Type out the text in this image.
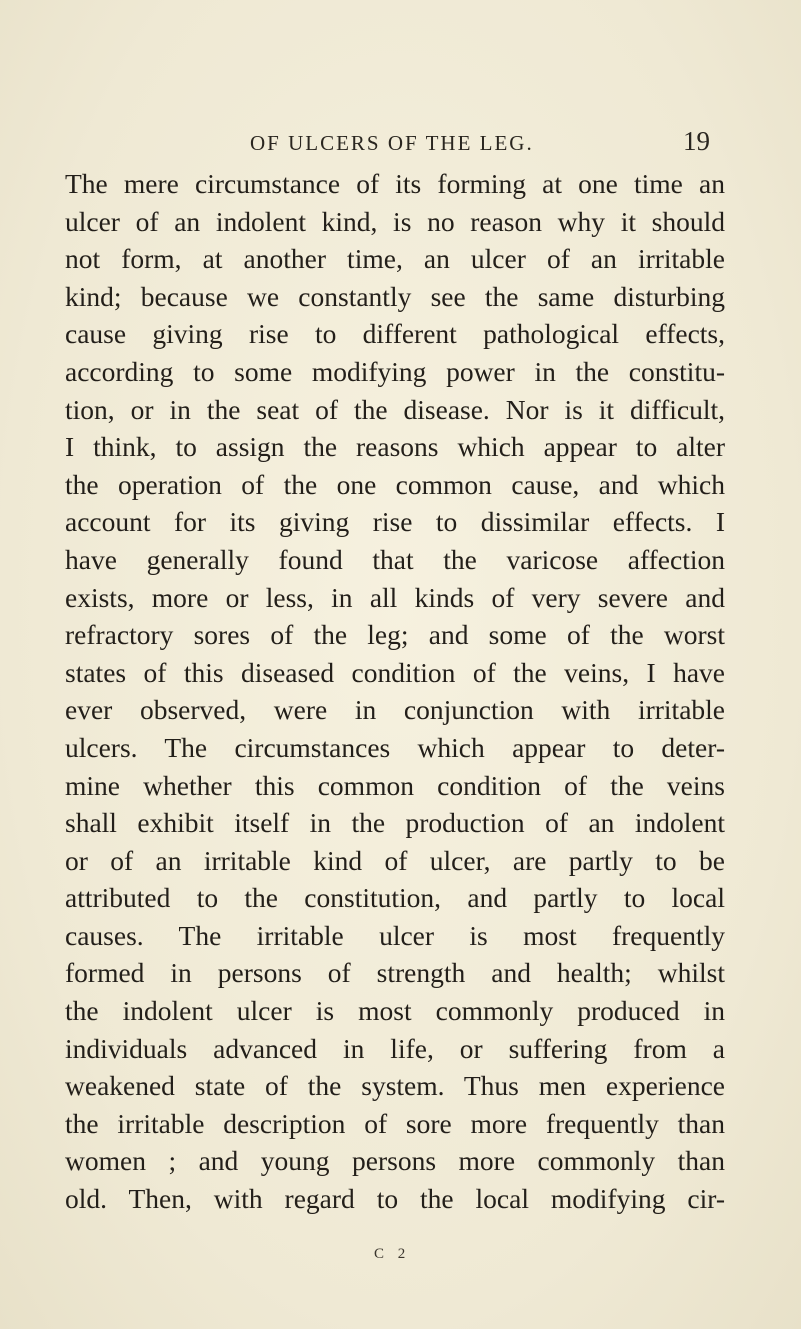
OF ULCERS OF THE LEG.	19
The mere circumstance of its forming at one time an
ulcer of an indolent kind, is no reason why it should
not form, at another time, an ulcer of an irritable
kind; because we constantly see the same disturbing
cause giving rise to different pathological effects,
according to some modifying power in the constitu-
tion, or in the seat of the disease. Nor is it difficult,
I think, to assign the reasons which appear to alter
the operation of the one common cause, and which
account for its giving rise to dissimilar effects. I
have generally found that the varicose affection
exists, more or less, in all kinds of very severe and
refractory sores of the leg; and some of the worst
states of this diseased condition of the veins, I have
ever observed, were in conjunction with irritable
ulcers. The circumstances which appear to deter-
mine whether this common condition of the veins
shall exhibit itself in the production of an indolent
or of an irritable kind of ulcer, are partly to be
attributed to the constitution, and partly to local
causes. The irritable ulcer is most frequently
formed in persons of strength and health; whilst
the indolent ulcer is most commonly produced in
individuals advanced in life, or suffering from a
weakened state of the system. Thus men experience
the irritable description of sore more frequently than
women ; and young persons more commonly than
old. Then, with regard to the local modifying cir-
C 2
